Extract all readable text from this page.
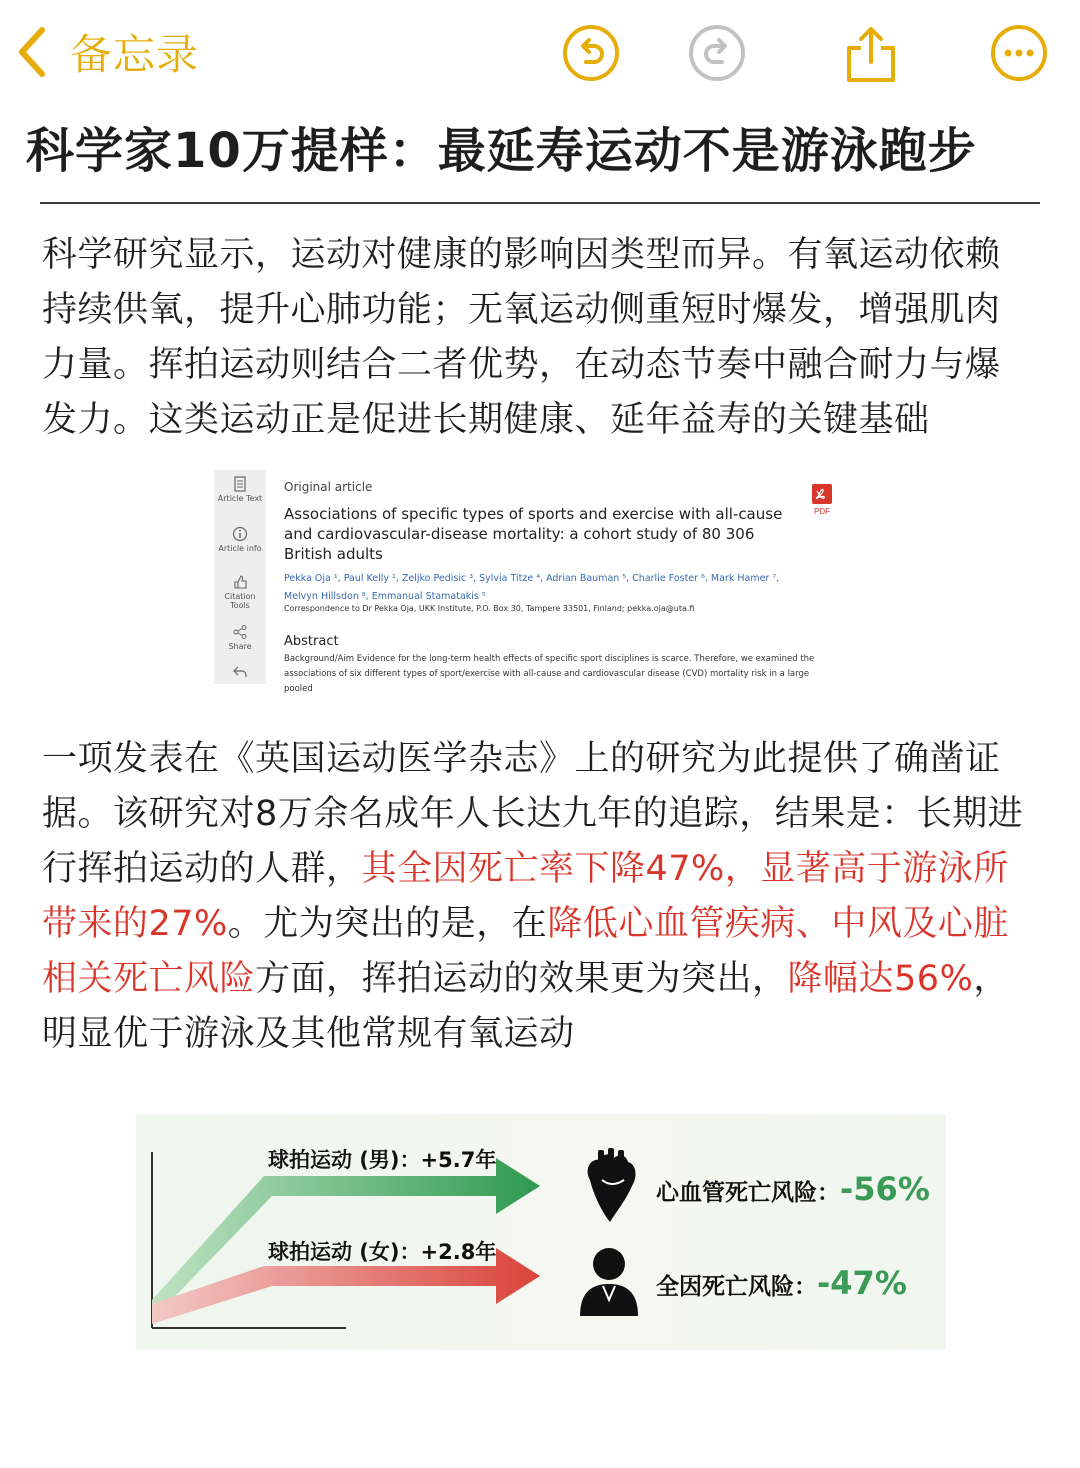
备忘录
科学家10万提样：最延寿运动不是游泳跑步
科学研究显示，运动对健康的影响因类型而异。有氧运动依赖持续供氧，提升心肺功能；无氧运动侧重短时爆发，增强肌肉力量。挥拍运动则结合二者优势，在动态节奏中融合耐力与爆发力。这类运动正是促进长期健康、延年益寿的关键基础
Article Text
Article info
Citation Tools
Share
Original article
Associations of specific types of sports and exercise with all-cause and cardiovascular-disease mortality: a cohort study of 80 306 British adults
Pekka Oja ¹, Paul Kelly ¹, Zeljko Pedisic ³, Sylvia Titze ⁴, Adrian Bauman ⁵, Charlie Foster ⁶, Mark Hamer ⁷, Melvyn Hillsdon ⁸, Emmanual Stamatakis ⁵
Correspondence to Dr Pekka Oja, UKK Institute, P.O. Box 30, Tampere 33501, Finland; pekka.oja@uta.fi
Abstract
Background/Aim Evidence for the long-term health effects of specific sport disciplines is scarce. Therefore, we examined the associations of six different types of sport/exercise with all-cause and cardiovascular disease (CVD) mortality risk in a large pooled
PDF
一项发表在《英国运动医学杂志》上的研究为此提供了确凿证据。该研究对8万余名成年人长达九年的追踪，结果是：长期进行挥拍运动的人群，其全因死亡率下降47%，显著高于游泳所带来的27%。尤为突出的是，在降低心血管疾病、中风及心脏相关死亡风险方面，挥拍运动的效果更为突出，降幅达56%，明显优于游泳及其他常规有氧运动
球拍运动 (男)：+5.7年
球拍运动 (女)：+2.8年
心血管死亡风险：-56%
全因死亡风险：-47%
